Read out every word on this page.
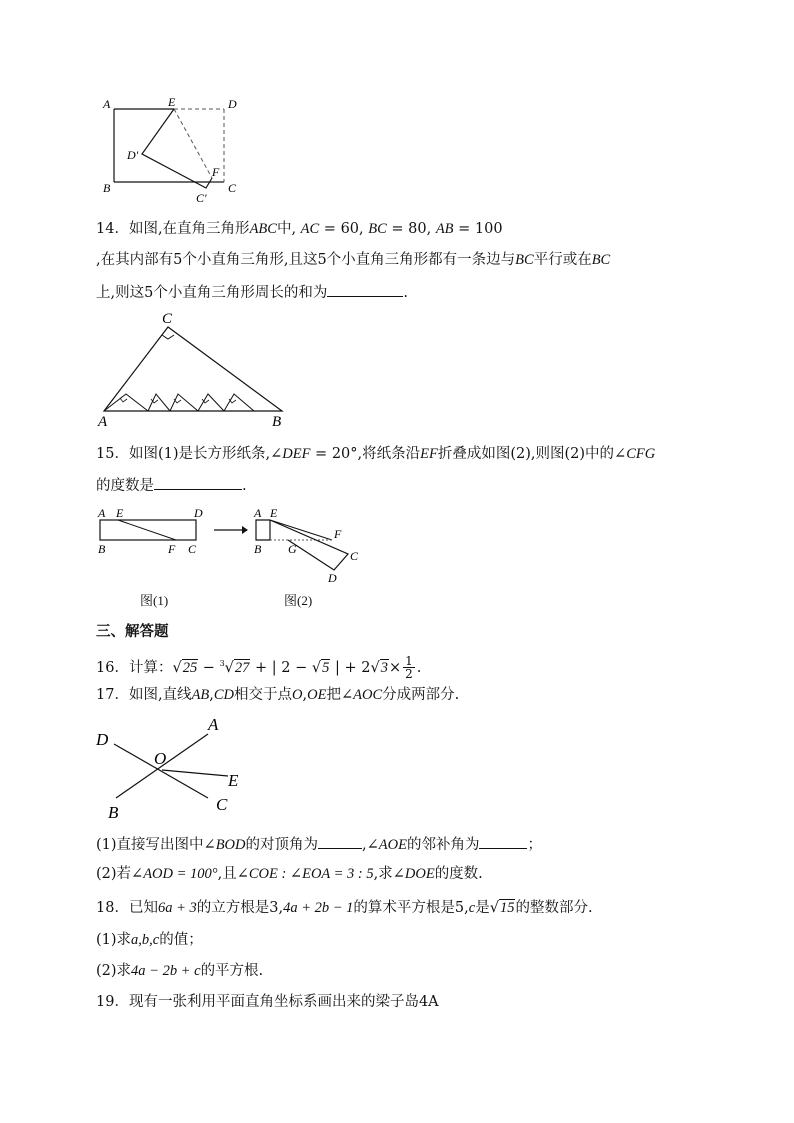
A	E	D
D′
B
F
C
C′
14．如图,在直角三角形ABC中, AC = 60, BC = 80, AB = 100
,在其内部有5个小直角三角形,且这5个小直角三角形都有一条边与BC平行或在BC
上,则这5个小直角三角形周长的和为	.
C
A	B
15．如图(1)是长方形纸条,∠DEF = 20°,将纸条沿EF折叠成如图(2),则图(2)中的∠CFG
的度数是	.
A E	D
B	F C
A E
B G
F
C
D
图(1)	图(2)
三、解答题
16．计算：√25 − $^3$√27 + | 2 − √5 | + $2√3\times \frac{1}{2}$ .
17．如图,直线AB,CD相交于点O,OE把∠AOC分成两部分.
D
A
O
E
B	C
(1)直接写出图中∠BOD的对顶角为	,∠AOE的邻补角为	；
(2)若∠AOD = 100°,且∠COE : ∠EOA = 3 : 5,求∠DOE的度数.
18．已知6a + 3的立方根是3,4a + 2b − 1的算术平方根是5,c是√15的整数部分.
(1)求a,b,c的值；
(2)求4a − 2b + c的平方根.
19．现有一张利用平面直角坐标系画出来的梁子岛4A
